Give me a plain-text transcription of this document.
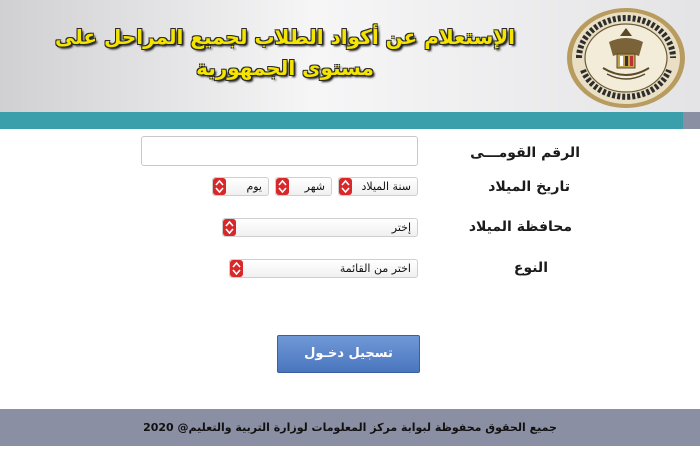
الإستعلام عن أكواد الطلاب لجميع المراحل على مستوى الجمهورية
الرقم القومـــى
تاريخ الميلاد
سنة الميلاد
شهر
يوم
محافظة الميلاد
إختر
النوع
اختر من القائمة
تسجيل دخـول
جميع الحقوق محفوظة لبوابة مركز المعلومات لوزارة التربية والتعليم@ 2020
